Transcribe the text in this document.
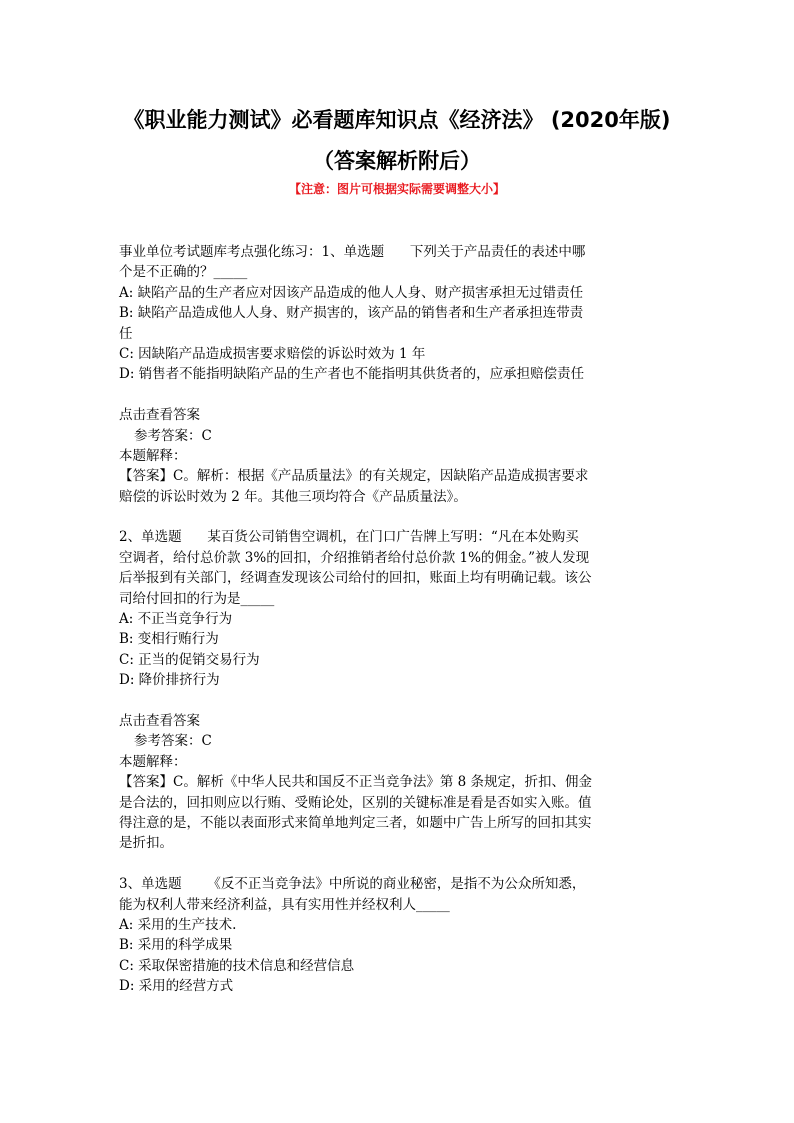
《职业能力测试》必看题库知识点《经济法》 (2020年版)
（答案解析附后）
【注意：图片可根据实际需要调整大小】
事业单位考试题库考点强化练习：1、单选题      下列关于产品责任的表述中哪
个是不正确的？_____
A: 缺陷产品的生产者应对因该产品造成的他人人身、财产损害承担无过错责任
B: 缺陷产品造成他人人身、财产损害的，该产品的销售者和生产者承担连带责
任
C: 因缺陷产品造成损害要求赔偿的诉讼时效为 1 年
D: 销售者不能指明缺陷产品的生产者也不能指明其供货者的，应承担赔偿责任
点击查看答案
参考答案：C
本题解释：
【答案】C。解析：根据《产品质量法》的有关规定，因缺陷产品造成损害要求
赔偿的诉讼时效为 2 年。其他三项均符合《产品质量法》。
2、单选题      某百货公司销售空调机，在门口广告牌上写明：“凡在本处购买
空调者，给付总价款 3%的回扣，介绍推销者给付总价款 1%的佣金。”被人发现
后举报到有关部门，经调查发现该公司给付的回扣，账面上均有明确记载。该公
司给付回扣的行为是_____
A: 不正当竞争行为
B: 变相行贿行为
C: 正当的促销交易行为
D: 降价排挤行为
点击查看答案
参考答案：C
本题解释：
【答案】C。解析《中华人民共和国反不正当竞争法》第 8 条规定，折扣、佣金
是合法的，回扣则应以行贿、受贿论处，区别的关键标准是看是否如实入账。值
得注意的是，不能以表面形式来简单地判定三者，如题中广告上所写的回扣其实
是折扣。
3、单选题      《反不正当竞争法》中所说的商业秘密，是指不为公众所知悉，
能为权利人带来经济利益，具有实用性并经权利人_____
A: 采用的生产技术.
B: 采用的科学成果
C: 采取保密措施的技术信息和经营信息
D: 采用的经营方式
